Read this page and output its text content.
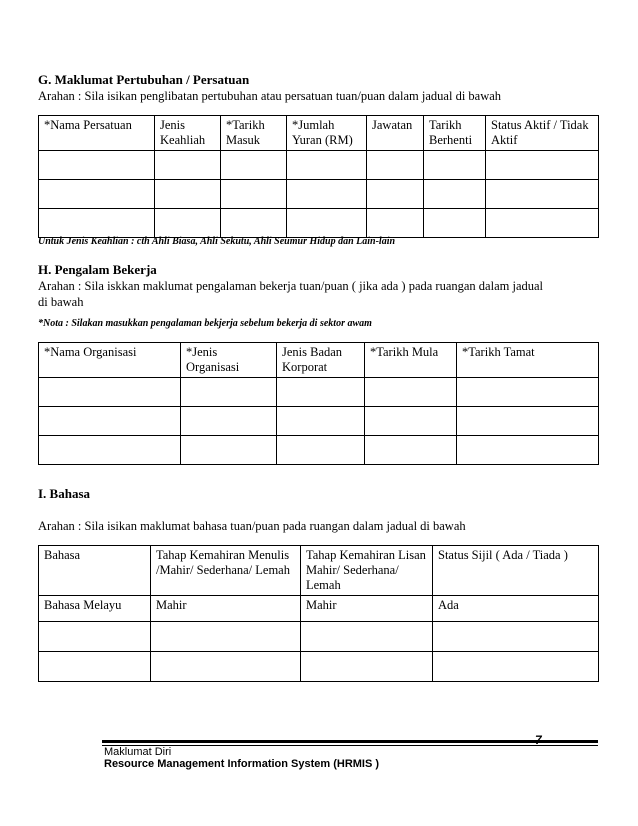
G. Maklumat Pertubuhan / Persatuan
Arahan : Sila isikan penglibatan pertubuhan atau persatuan tuan/puan dalam jadual di bawah
*Nama Persatuan	Jenis Keahliah	*Tarikh Masuk	*Jumlah Yuran (RM)	Jawatan	Tarikh Berhenti	Status Aktif / Tidak Aktif

Untuk Jenis Keahlian : cth Ahli Biasa, Ahli Sekutu, Ahli Seumur Hidup dan Lain-lain
H. Pengalam Bekerja
Arahan : Sila iskkan maklumat pengalaman bekerja tuan/puan ( jika ada ) pada ruangan dalam jadual
di bawah
*Nota : Silakan masukkan pengalaman bekjerja sebelum bekerja di sektor awam
*Nama Organisasi	*Jenis Organisasi	Jenis Badan Korporat	*Tarikh Mula	*Tarikh Tamat

I. Bahasa
Arahan : Sila isikan maklumat bahasa tuan/puan pada ruangan dalam jadual di bawah
Bahasa	Tahap Kemahiran Menulis /Mahir/ Sederhana/ Lemah	Tahap Kemahiran Lisan Mahir/ Sederhana/ Lemah	Status Sijil ( Ada / Tiada )
Bahasa Melayu	Mahir	Mahir	Ada

Maklumat Diri
Resource Management Information System (HRMIS )
